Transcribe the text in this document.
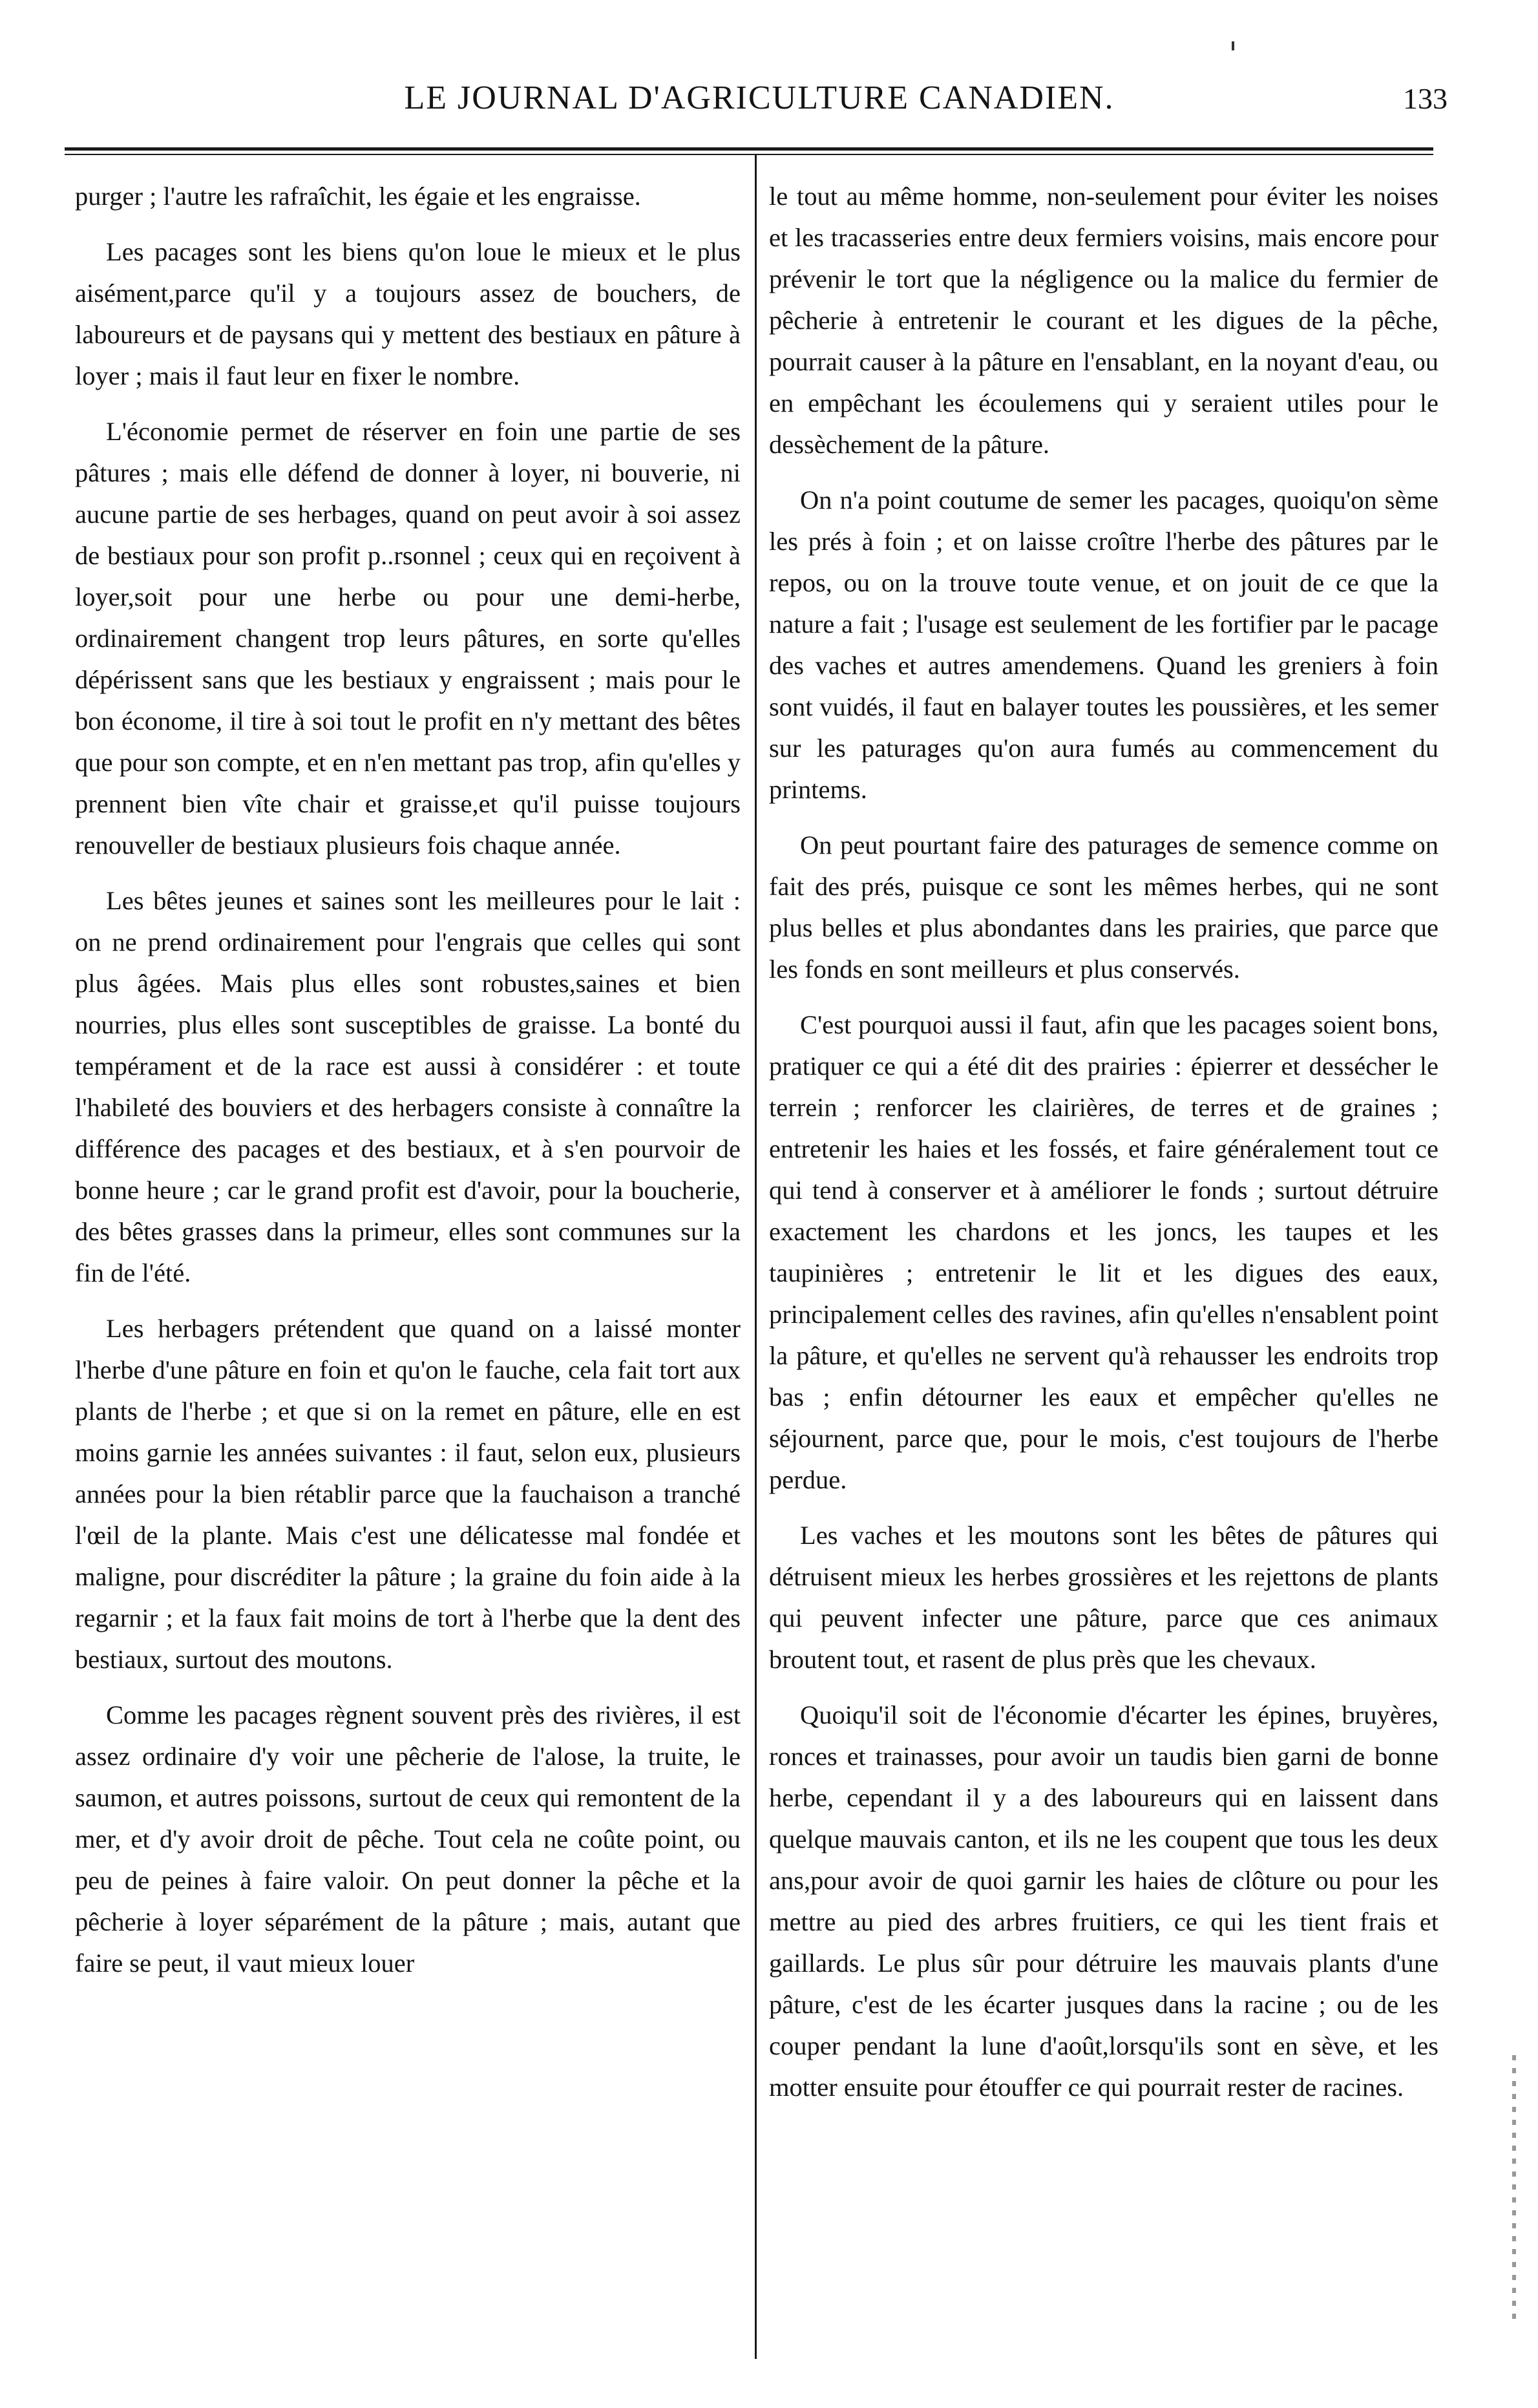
LE JOURNAL D'AGRICULTURE CANADIEN.	133

purger ; l'autre les rafraîchit, les égaie et les engraisse.

Les pacages sont les biens qu'on loue le mieux et le plus aisément,parce qu'il y a toujours assez de bouchers, de laboureurs et de paysans qui y mettent des bestiaux en pâture à loyer ; mais il faut leur en fixer le nombre.

L'économie permet de réserver en foin une partie de ses pâtures ; mais elle défend de donner à loyer, ni bouverie, ni aucune partie de ses herbages, quand on peut avoir à soi assez de bestiaux pour son profit p..rsonnel ; ceux qui en reçoivent à loyer,soit pour une herbe ou pour une demi-herbe, ordinairement changent trop leurs pâtures, en sorte qu'elles dépérissent sans que les bestiaux y engraissent ; mais pour le bon économe, il tire à soi tout le profit en n'y mettant des bêtes que pour son compte, et en n'en mettant pas trop, afin qu'elles y prennent bien vîte chair et graisse,et qu'il puisse toujours renouveller de bestiaux plusieurs fois chaque année.

Les bêtes jeunes et saines sont les meilleures pour le lait : on ne prend ordinairement pour l'engrais que celles qui sont plus âgées. Mais plus elles sont robustes,saines et bien nourries, plus elles sont susceptibles de graisse. La bonté du tempérament et de la race est aussi à considérer : et toute l'habileté des bouviers et des herbagers consiste à connaître la différence des pacages et des bestiaux, et à s'en pourvoir de bonne heure ; car le grand profit est d'avoir, pour la boucherie, des bêtes grasses dans la primeur, elles sont communes sur la fin de l'été.

Les herbagers prétendent que quand on a laissé monter l'herbe d'une pâture en foin et qu'on le fauche, cela fait tort aux plants de l'herbe ; et que si on la remet en pâture, elle en est moins garnie les années suivantes : il faut, selon eux, plusieurs années pour la bien rétablir parce que la fauchaison a tranché l'œil de la plante. Mais c'est une délicatesse mal fondée et maligne, pour discréditer la pâture ; la graine du foin aide à la regarnir ; et la faux fait moins de tort à l'herbe que la dent des bestiaux, surtout des moutons.

Comme les pacages règnent souvent près des rivières, il est assez ordinaire d'y voir une pêcherie de l'alose, la truite, le saumon, et autres poissons, surtout de ceux qui remontent de la mer, et d'y avoir droit de pêche. Tout cela ne coûte point, ou peu de peines à faire valoir. On peut donner la pêche et la pêcherie à loyer séparément de la pâture ; mais, autant que faire se peut, il vaut mieux louer

le tout au même homme, non-seulement pour éviter les noises et les tracasseries entre deux fermiers voisins, mais encore pour prévenir le tort que la négligence ou la malice du fermier de pêcherie à entretenir le courant et les digues de la pêche, pourrait causer à la pâture en l'ensablant, en la noyant d'eau, ou en empêchant les écoulemens qui y seraient utiles pour le dessèchement de la pâture.

On n'a point coutume de semer les pacages, quoiqu'on sème les prés à foin ; et on laisse croître l'herbe des pâtures par le repos, ou on la trouve toute venue, et on jouit de ce que la nature a fait ; l'usage est seulement de les fortifier par le pacage des vaches et autres amendemens. Quand les greniers à foin sont vuidés, il faut en balayer toutes les poussières, et les semer sur les paturages qu'on aura fumés au commencement du printems.

On peut pourtant faire des paturages de semence comme on fait des prés, puisque ce sont les mêmes herbes, qui ne sont plus belles et plus abondantes dans les prairies, que parce que les fonds en sont meilleurs et plus conservés.

C'est pourquoi aussi il faut, afin que les pacages soient bons, pratiquer ce qui a été dit des prairies : épierrer et dessécher le terrein ; renforcer les clairières, de terres et de graines ; entretenir les haies et les fossés, et faire généralement tout ce qui tend à conserver et à améliorer le fonds ; surtout détruire exactement les chardons et les joncs, les taupes et les taupinières ; entretenir le lit et les digues des eaux, principalement celles des ravines, afin qu'elles n'ensablent point la pâture, et qu'elles ne servent qu'à rehausser les endroits trop bas ; enfin détourner les eaux et empêcher qu'elles ne séjournent, parce que, pour le mois, c'est toujours de l'herbe perdue.

Les vaches et les moutons sont les bêtes de pâtures qui détruisent mieux les herbes grossières et les rejettons de plants qui peuvent infecter une pâture, parce que ces animaux broutent tout, et rasent de plus près que les chevaux.

Quoiqu'il soit de l'économie d'écarter les épines, bruyères, ronces et trainasses, pour avoir un taudis bien garni de bonne herbe, cependant il y a des laboureurs qui en laissent dans quelque mauvais canton, et ils ne les coupent que tous les deux ans,pour avoir de quoi garnir les haies de clôture ou pour les mettre au pied des arbres fruitiers, ce qui les tient frais et gaillards. Le plus sûr pour détruire les mauvais plants d'une pâture, c'est de les écarter jusques dans la racine ; ou de les couper pendant la lune d'août,lorsqu'ils sont en sève, et les motter ensuite pour étouffer ce qui pourrait rester de racines.
